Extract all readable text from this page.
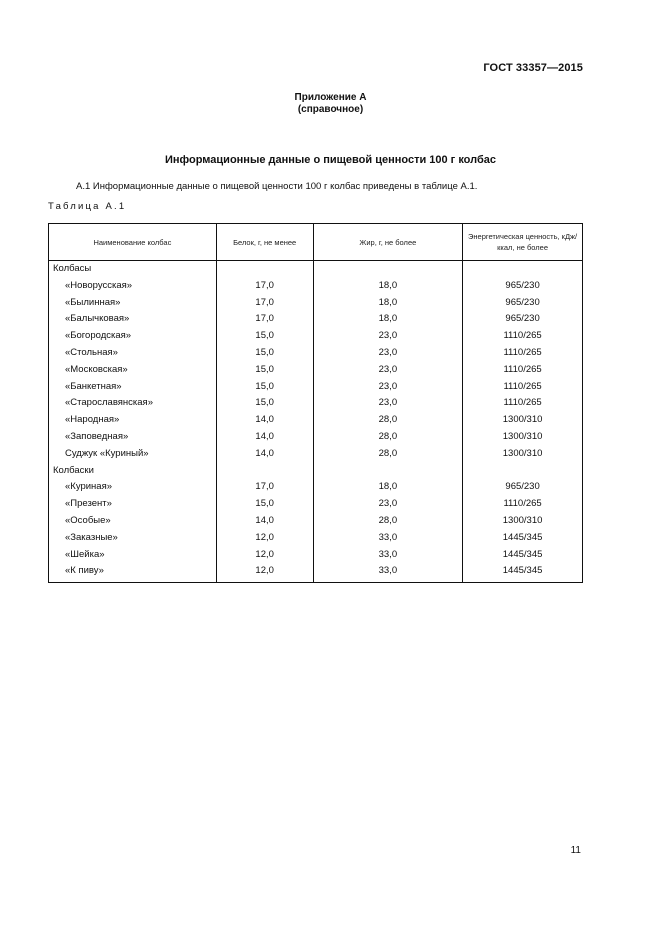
ГОСТ 33357—2015
Приложение А
(справочное)
Информационные данные о пищевой ценности 100 г колбас
А.1 Информационные данные о пищевой ценности 100 г колбас приведены в таблице А.1.
Таблица А.1
Наименование колбас	Белок, г, не менее	Жир, г, не более	Энергетическая ценность, кДж/ккал, не более
Колбасы			
«Новорусская»	17,0	18,0	965/230
«Былинная»	17,0	18,0	965/230
«Балычковая»	17,0	18,0	965/230
«Богородская»	15,0	23,0	1110/265
«Стольная»	15,0	23,0	1110/265
«Московская»	15,0	23,0	1110/265
«Банкетная»	15,0	23,0	1110/265
«Старославянская»	15,0	23,0	1110/265
«Народная»	14,0	28,0	1300/310
«Заповедная»	14,0	28,0	1300/310
Суджук «Куриный»	14,0	28,0	1300/310
Колбаски			
«Куриная»	17,0	18,0	965/230
«Презент»	15,0	23,0	1110/265
«Особые»	14,0	28,0	1300/310
«Заказные»	12,0	33,0	1445/345
«Шейка»	12,0	33,0	1445/345
«К пиву»	12,0	33,0	1445/345
11
